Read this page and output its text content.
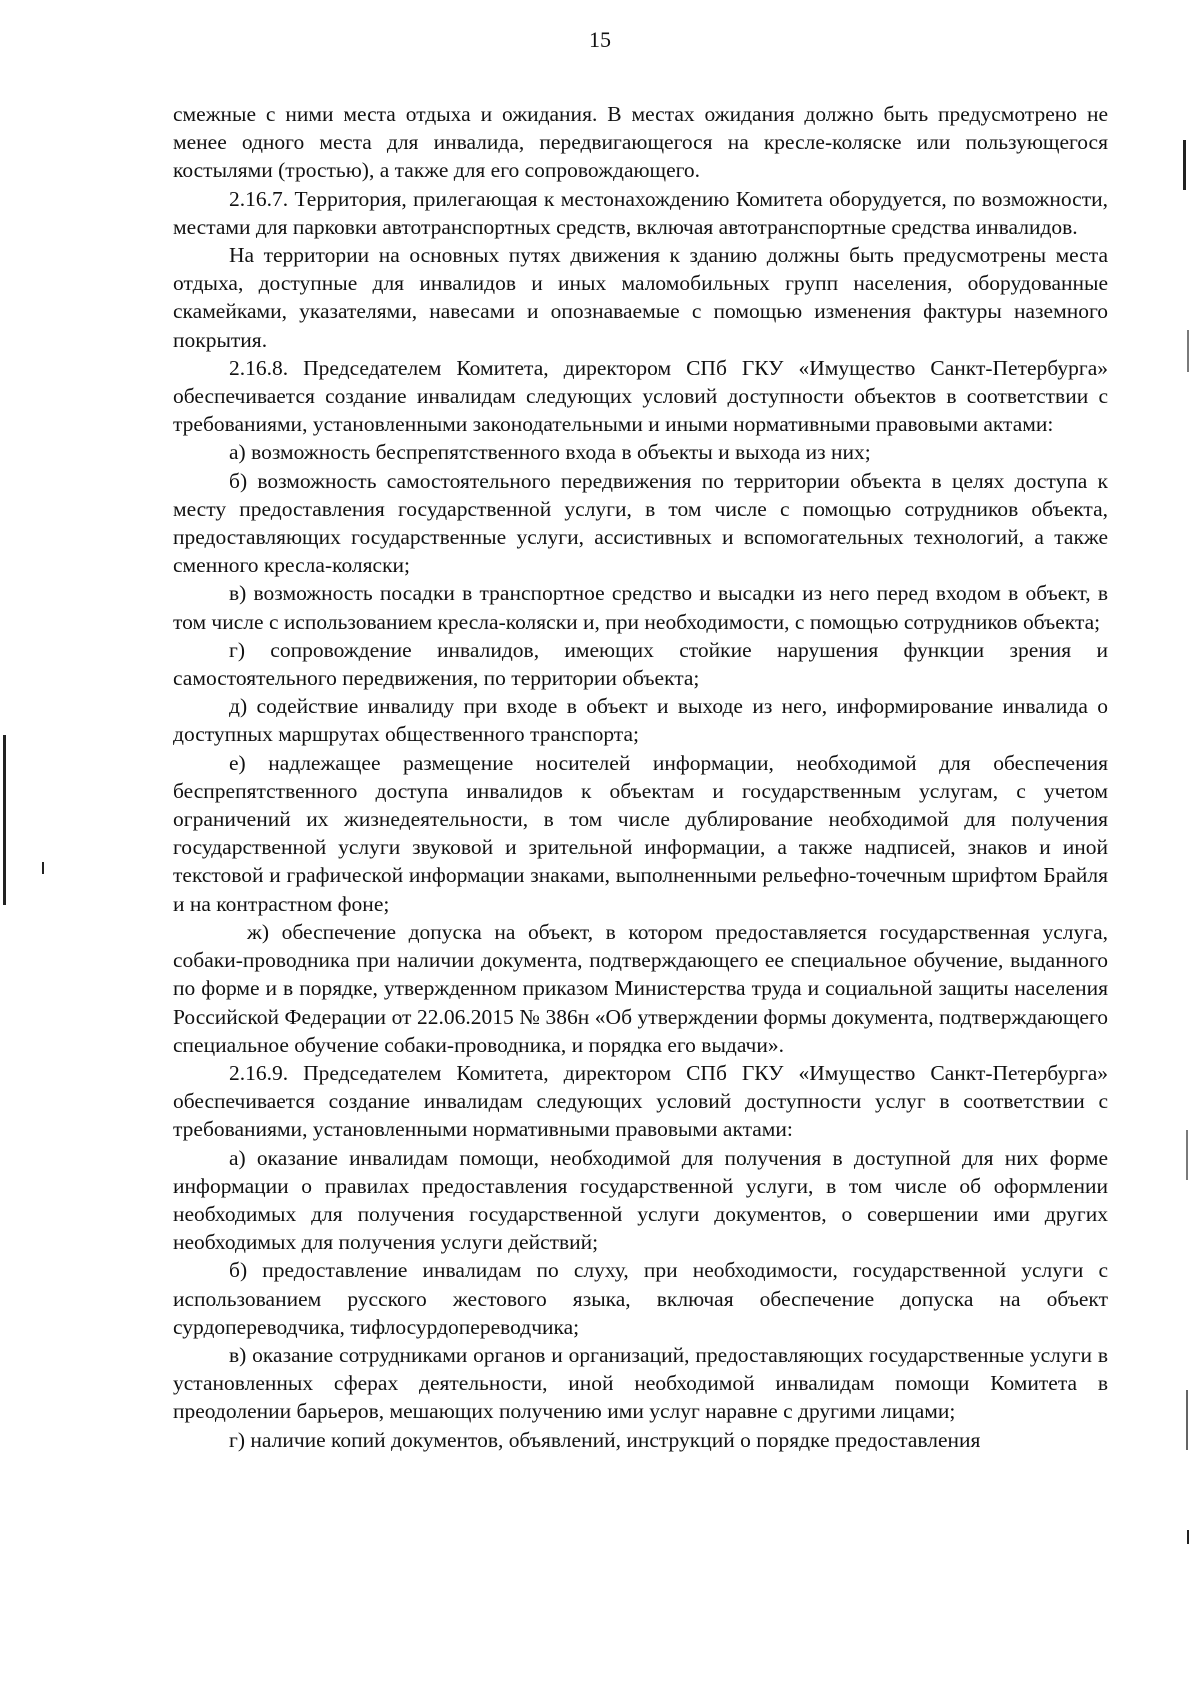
15

смежные с ними места отдыха и ожидания. В местах ожидания должно быть предусмотрено не менее одного места для инвалида, передвигающегося на кресле-коляске или пользующегося костылями (тростью), а также для его сопровождающего.

2.16.7. Территория, прилегающая к местонахождению Комитета оборудуется, по возможности, местами для парковки автотранспортных средств, включая автотранспортные средства инвалидов.

На территории на основных путях движения к зданию должны быть предусмотрены места отдыха, доступные для инвалидов и иных маломобильных групп населения, оборудованные скамейками, указателями, навесами и опознаваемые с помощью изменения фактуры наземного покрытия.

2.16.8. Председателем Комитета, директором СПб ГКУ «Имущество Санкт-Петербурга» обеспечивается создание инвалидам следующих условий доступности объектов в соответствии с требованиями, установленными законодательными и иными нормативными правовыми актами:

а) возможность беспрепятственного входа в объекты и выхода из них;

б) возможность самостоятельного передвижения по территории объекта в целях доступа к месту предоставления государственной услуги, в том числе с помощью сотрудников объекта, предоставляющих государственные услуги, ассистивных и вспомогательных технологий, а также сменного кресла-коляски;

в) возможность посадки в транспортное средство и высадки из него перед входом в объект, в том числе с использованием кресла-коляски и, при необходимости, с помощью сотрудников объекта;

г) сопровождение инвалидов, имеющих стойкие нарушения функции зрения и самостоятельного передвижения, по территории объекта;

д) содействие инвалиду при входе в объект и выходе из него, информирование инвалида о доступных маршрутах общественного транспорта;

е) надлежащее размещение носителей информации, необходимой для обеспечения беспрепятственного доступа инвалидов к объектам и государственным услугам, с учетом ограничений их жизнедеятельности, в том числе дублирование необходимой для получения государственной услуги звуковой и зрительной информации, а также надписей, знаков и иной текстовой и графической информации знаками, выполненными рельефно-точечным шрифтом Брайля и на контрастном фоне;

ж) обеспечение допуска на объект, в котором предоставляется государственная услуга, собаки-проводника при наличии документа, подтверждающего ее специальное обучение, выданного по форме и в порядке, утвержденном приказом Министерства труда и социальной защиты населения Российской Федерации от 22.06.2015 № 386н «Об утверждении формы документа, подтверждающего специальное обучение собаки-проводника, и порядка его выдачи».

2.16.9. Председателем Комитета, директором СПб ГКУ «Имущество Санкт-Петербурга» обеспечивается создание инвалидам следующих условий доступности услуг в соответствии с требованиями, установленными нормативными правовыми актами:

а) оказание инвалидам помощи, необходимой для получения в доступной для них форме информации о правилах предоставления государственной услуги, в том числе об оформлении необходимых для получения государственной услуги документов, о совершении ими других необходимых для получения услуги действий;

б) предоставление инвалидам по слуху, при необходимости, государственной услуги с использованием русского жестового языка, включая обеспечение допуска на объект сурдопереводчика, тифлосурдопереводчика;

в) оказание сотрудниками органов и организаций, предоставляющих государственные услуги в установленных сферах деятельности, иной необходимой инвалидам помощи Комитета в преодолении барьеров, мешающих получению ими услуг наравне с другими лицами;

г) наличие копий документов, объявлений, инструкций о порядке предоставления
